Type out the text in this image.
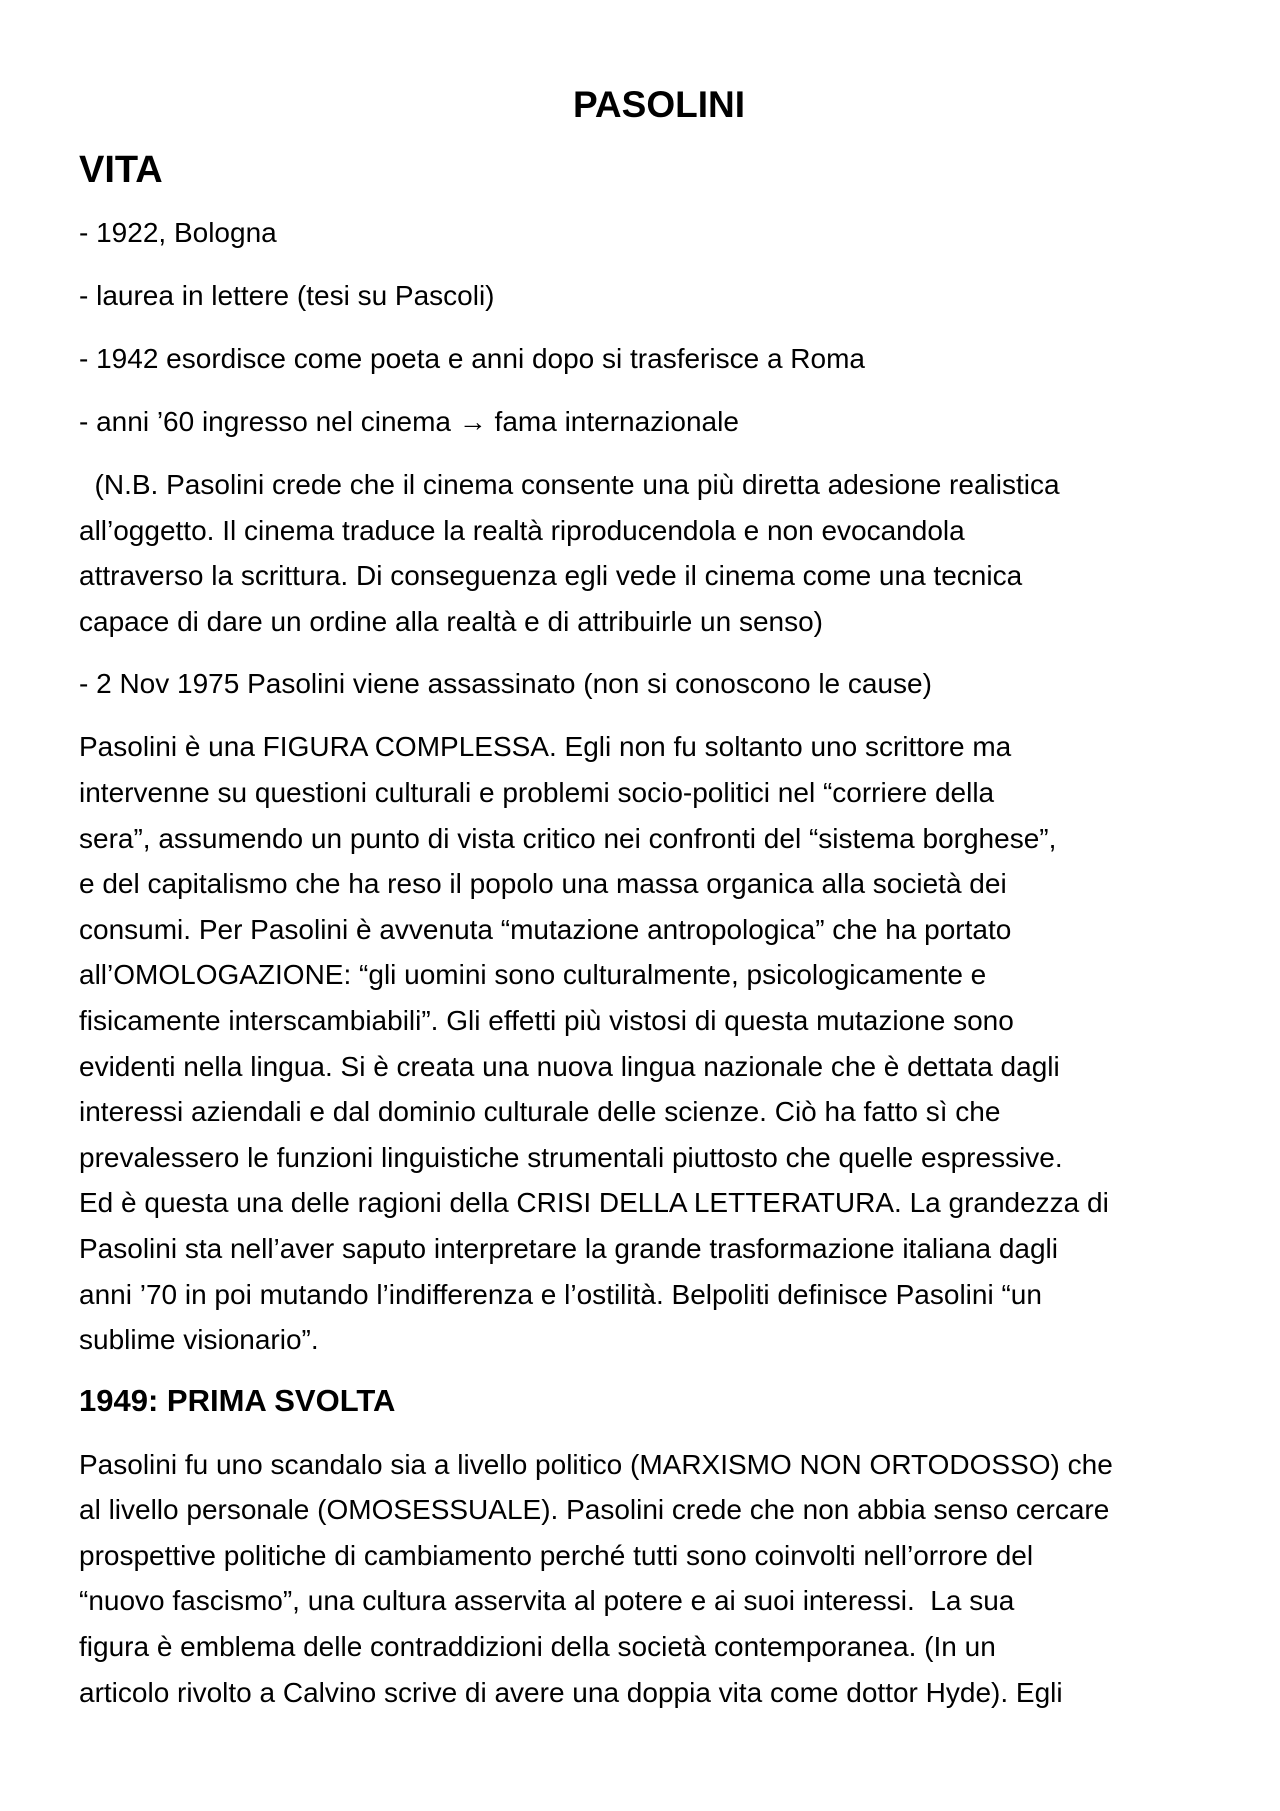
PASOLINI
VITA
- 1922, Bologna
- laurea in lettere (tesi su Pascoli)
- 1942 esordisce come poeta e anni dopo si trasferisce a Roma
- anni ’60 ingresso nel cinema → fama internazionale
(N.B. Pasolini crede che il cinema consente una più diretta adesione realistica
all’oggetto. Il cinema traduce la realtà riproducendola e non evocandola
attraverso la scrittura. Di conseguenza egli vede il cinema come una tecnica
capace di dare un ordine alla realtà e di attribuirle un senso)
- 2 Nov 1975 Pasolini viene assassinato (non si conoscono le cause)
Pasolini è una FIGURA COMPLESSA. Egli non fu soltanto uno scrittore ma
intervenne su questioni culturali e problemi socio-politici nel “corriere della
sera”, assumendo un punto di vista critico nei confronti del “sistema borghese”,
e del capitalismo che ha reso il popolo una massa organica alla società dei
consumi. Per Pasolini è avvenuta “mutazione antropologica” che ha portato
all’OMOLOGAZIONE: “gli uomini sono culturalmente, psicologicamente e
fisicamente interscambiabili”. Gli effetti più vistosi di questa mutazione sono
evidenti nella lingua. Si è creata una nuova lingua nazionale che è dettata dagli
interessi aziendali e dal dominio culturale delle scienze. Ciò ha fatto sì che
prevalessero le funzioni linguistiche strumentali piuttosto che quelle espressive.
Ed è questa una delle ragioni della CRISI DELLA LETTERATURA. La grandezza di
Pasolini sta nell’aver saputo interpretare la grande trasformazione italiana dagli
anni ’70 in poi mutando l’indifferenza e l’ostilità. Belpoliti definisce Pasolini “un
sublime visionario”.
1949: PRIMA SVOLTA
Pasolini fu uno scandalo sia a livello politico (MARXISMO NON ORTODOSSO) che
al livello personale (OMOSESSUALE). Pasolini crede che non abbia senso cercare
prospettive politiche di cambiamento perché tutti sono coinvolti nell’orrore del
“nuovo fascismo”, una cultura asservita al potere e ai suoi interessi.  La sua
figura è emblema delle contraddizioni della società contemporanea. (In un
articolo rivolto a Calvino scrive di avere una doppia vita come dottor Hyde). Egli
